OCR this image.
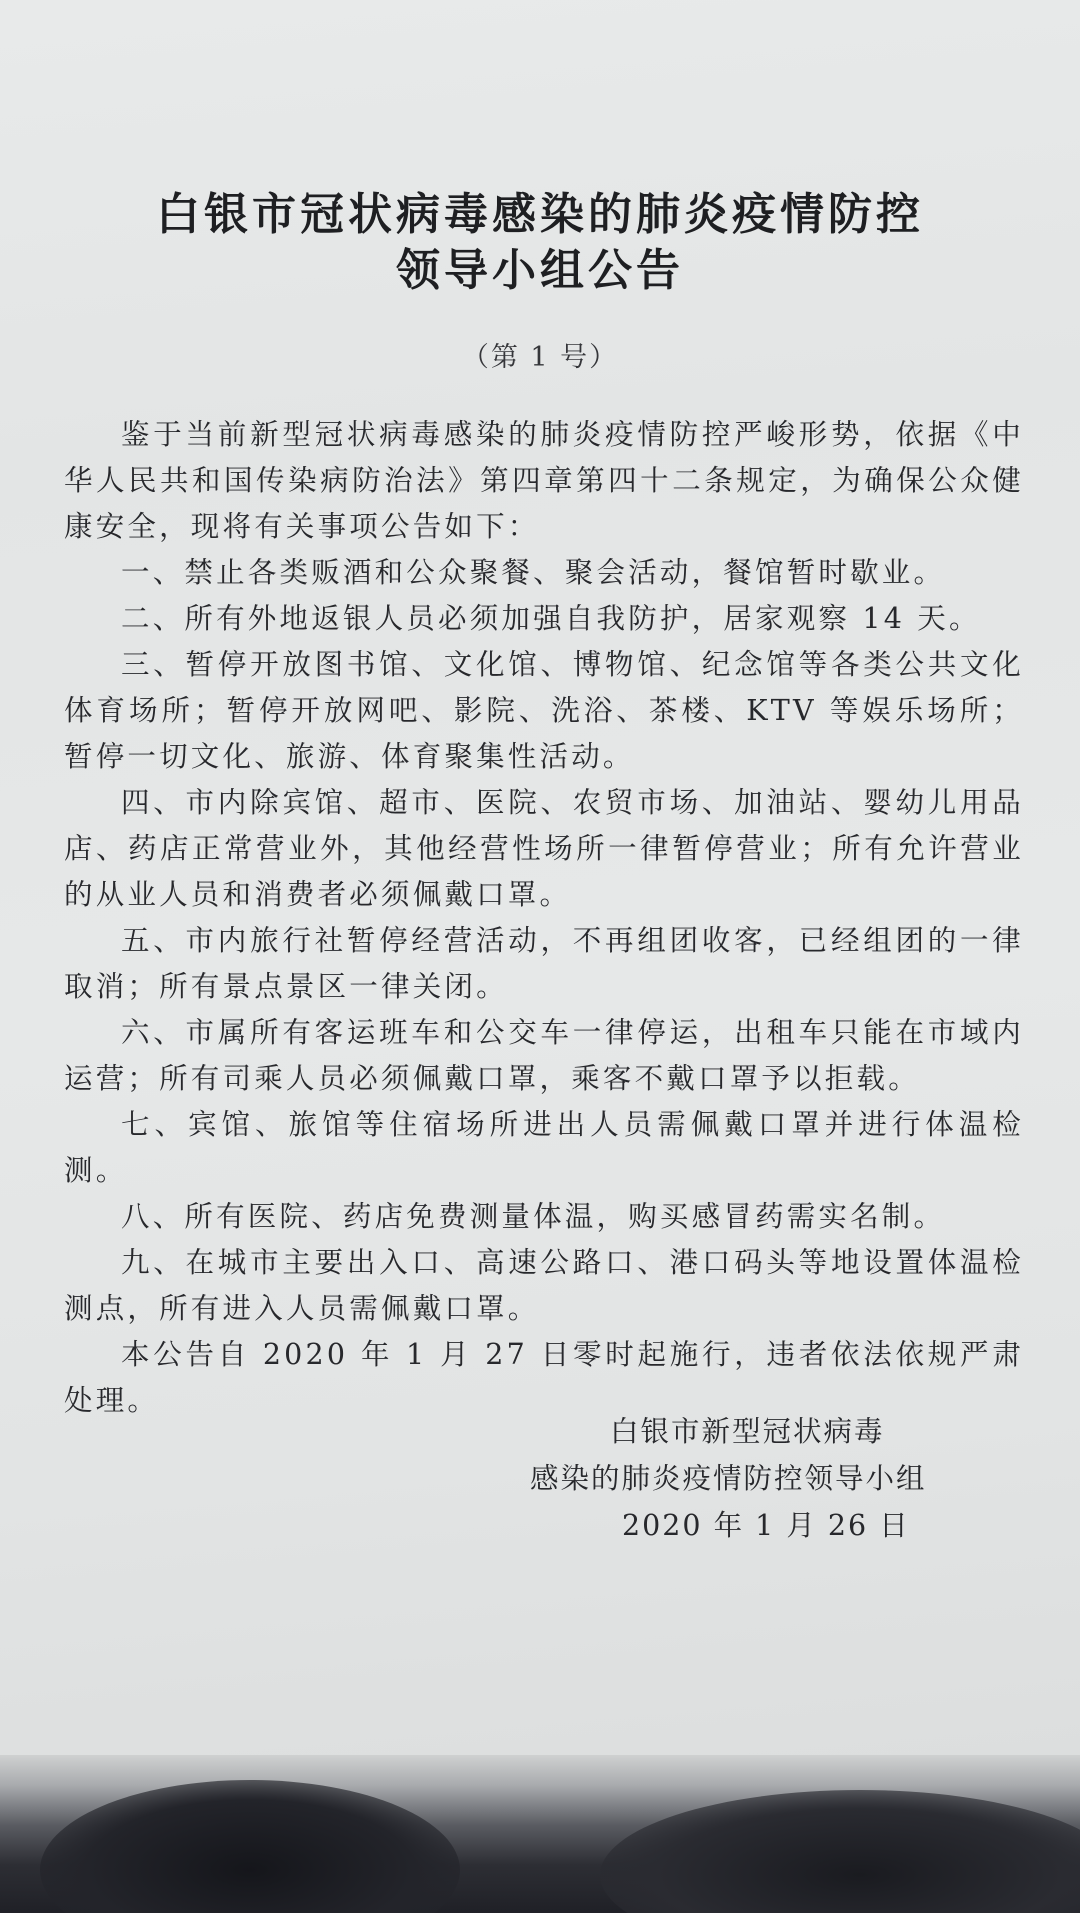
白银市冠状病毒感染的肺炎疫情防控
领导小组公告
（第 1 号）

鉴于当前新型冠状病毒感染的肺炎疫情防控严峻形势，依据《中华人民共和国传染病防治法》第四章第四十二条规定，为确保公众健康安全，现将有关事项公告如下：

一、禁止各类贩酒和公众聚餐、聚会活动，餐馆暂时歇业。

二、所有外地返银人员必须加强自我防护，居家观察 14 天。

三、暂停开放图书馆、文化馆、博物馆、纪念馆等各类公共文化体育场所；暂停开放网吧、影院、洗浴、茶楼、KTV 等娱乐场所；暂停一切文化、旅游、体育聚集性活动。

四、市内除宾馆、超市、医院、农贸市场、加油站、婴幼儿用品店、药店正常营业外，其他经营性场所一律暂停营业；所有允许营业的从业人员和消费者必须佩戴口罩。

五、市内旅行社暂停经营活动，不再组团收客，已经组团的一律取消；所有景点景区一律关闭。

六、市属所有客运班车和公交车一律停运，出租车只能在市域内运营；所有司乘人员必须佩戴口罩，乘客不戴口罩予以拒载。

七、宾馆、旅馆等住宿场所进出人员需佩戴口罩并进行体温检测。

八、所有医院、药店免费测量体温，购买感冒药需实名制。

九、在城市主要出入口、高速公路口、港口码头等地设置体温检测点，所有进入人员需佩戴口罩。

本公告自 2020 年 1 月 27 日零时起施行，违者依法依规严肃处理。

白银市新型冠状病毒
感染的肺炎疫情防控领导小组
2020 年 1 月 26 日
